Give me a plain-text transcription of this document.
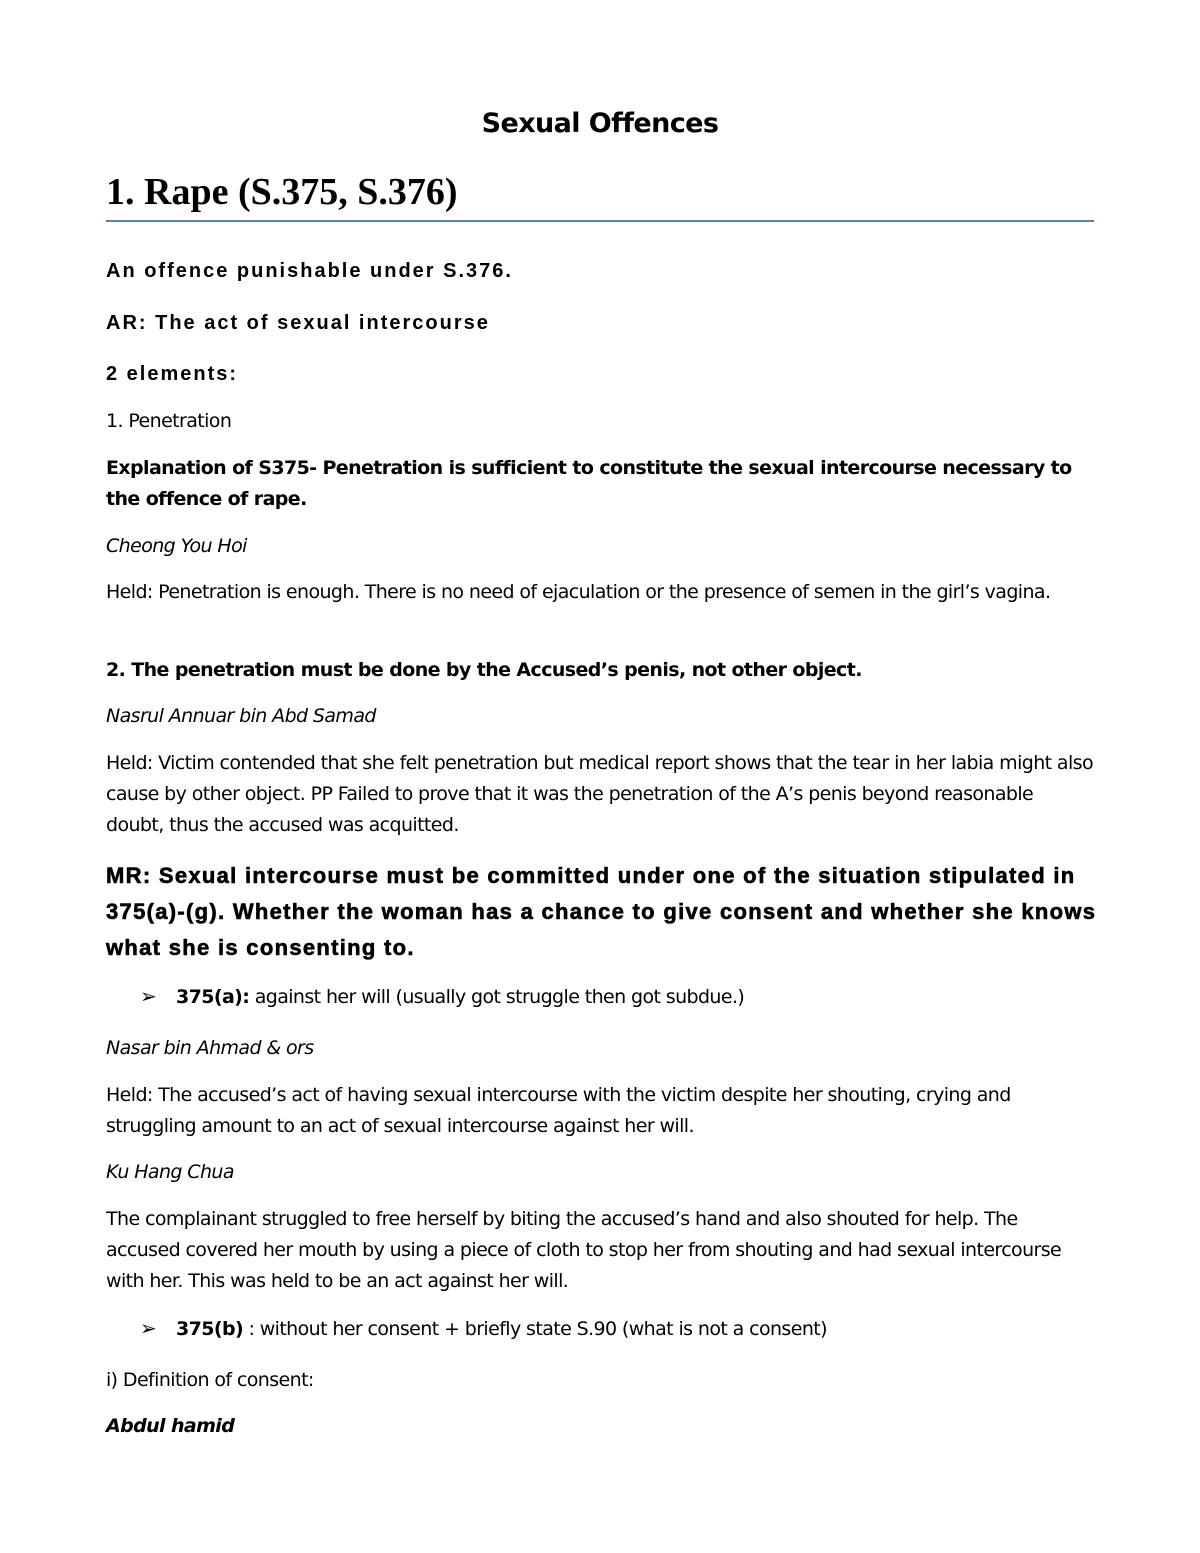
Sexual Offences
1. Rape (S.375, S.376)

An offence punishable under S.376.

AR: The act of sexual intercourse

2 elements:

1. Penetration

Explanation of S375- Penetration is sufficient to constitute the sexual intercourse necessary to the offence of rape.

Cheong You Hoi

Held: Penetration is enough. There is no need of ejaculation or the presence of semen in the girl’s vagina.

2. The penetration must be done by the Accused’s penis, not other object.

Nasrul Annuar bin Abd Samad

Held: Victim contended that she felt penetration but medical report shows that the tear in her labia might also cause by other object. PP Failed to prove that it was the penetration of the A’s penis beyond reasonable doubt, thus the accused was acquitted.

MR: Sexual intercourse must be committed under one of the situation stipulated in 375(a)-(g). Whether the woman has a chance to give consent and whether she knows what she is consenting to.

➢ 375(a): against her will (usually got struggle then got subdue.)

Nasar bin Ahmad & ors

Held: The accused’s act of having sexual intercourse with the victim despite her shouting, crying and struggling amount to an act of sexual intercourse against her will.

Ku Hang Chua

The complainant struggled to free herself by biting the accused’s hand and also shouted for help. The accused covered her mouth by using a piece of cloth to stop her from shouting and had sexual intercourse with her. This was held to be an act against her will.

➢ 375(b) : without her consent + briefly state S.90 (what is not a consent)

i) Definition of consent:

Abdul hamid
